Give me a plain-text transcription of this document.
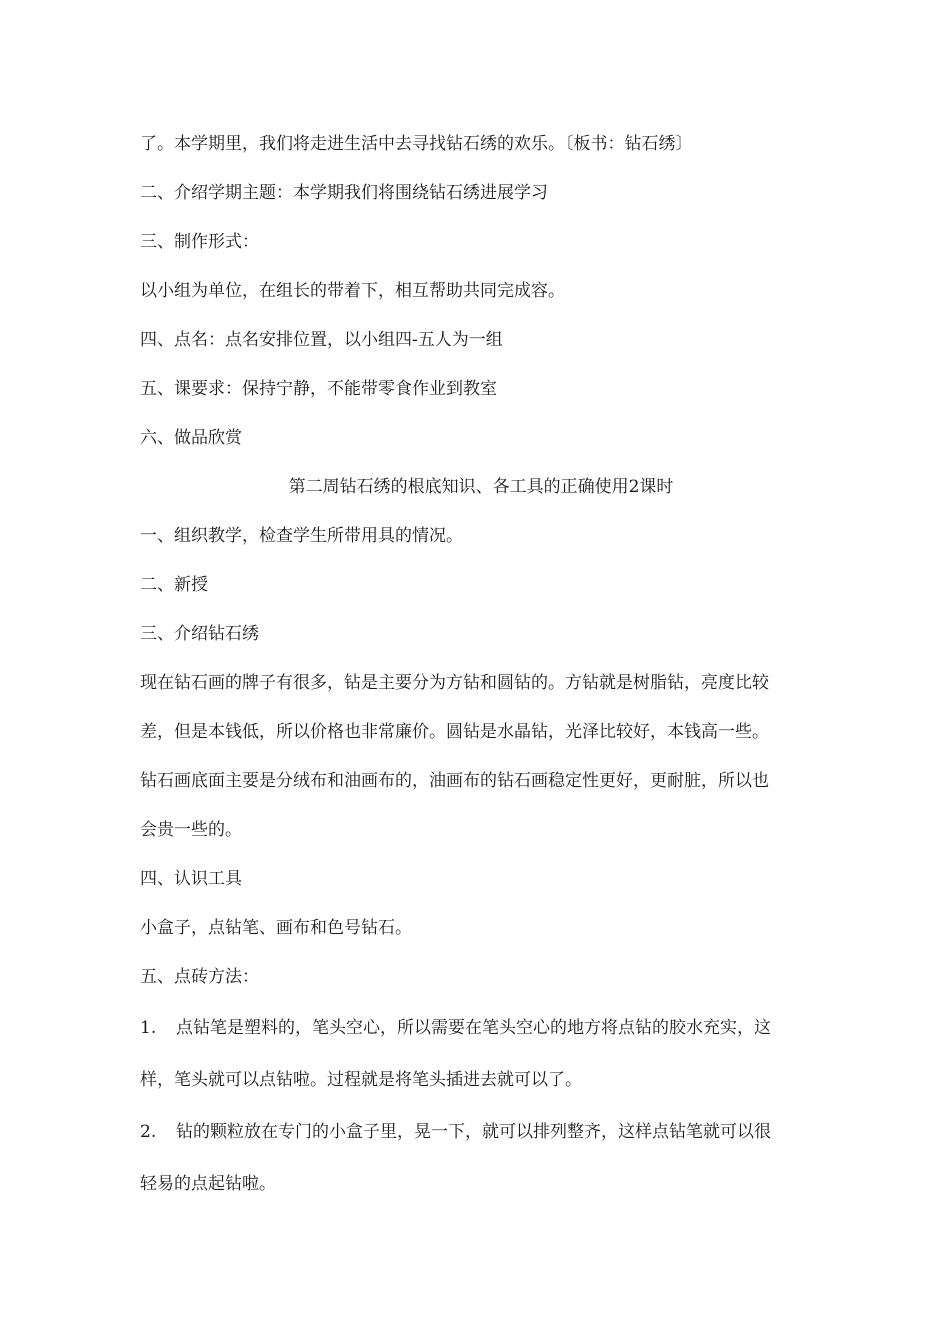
了。本学期里，我们将走进生活中去寻找钻石绣的欢乐。〔板书：钻石绣〕

二、介绍学期主题：本学期我们将围绕钻石绣进展学习

三、制作形式：

以小组为单位，在组长的带着下，相互帮助共同完成容。

四、点名：点名安排位置，以小组四-五人为一组

五、课要求：保持宁静，不能带零食作业到教室

六、做品欣赏

第二周钻石绣的根底知识、各工具的正确使用2课时

一、组织教学，检查学生所带用具的情况。

二、新授

三、介绍钻石绣

现在钻石画的牌子有很多，钻是主要分为方钻和圆钻的。方钻就是树脂钻，亮度比较

差，但是本钱低，所以价格也非常廉价。圆钻是水晶钻，光泽比较好，本钱高一些。

钻石画底面主要是分绒布和油画布的，油画布的钻石画稳定性更好，更耐脏，所以也

会贵一些的。

四、认识工具

小盒子，点钻笔、画布和色号钻石。

五、点砖方法：

1.	点钻笔是塑料的，笔头空心，所以需要在笔头空心的地方将点钻的胶水充实，这
样，笔头就可以点钻啦。过程就是将笔头插进去就可以了。
2.	钻的颗粒放在专门的小盒子里，晃一下，就可以排列整齐，这样点钻笔就可以很
轻易的点起钻啦。
